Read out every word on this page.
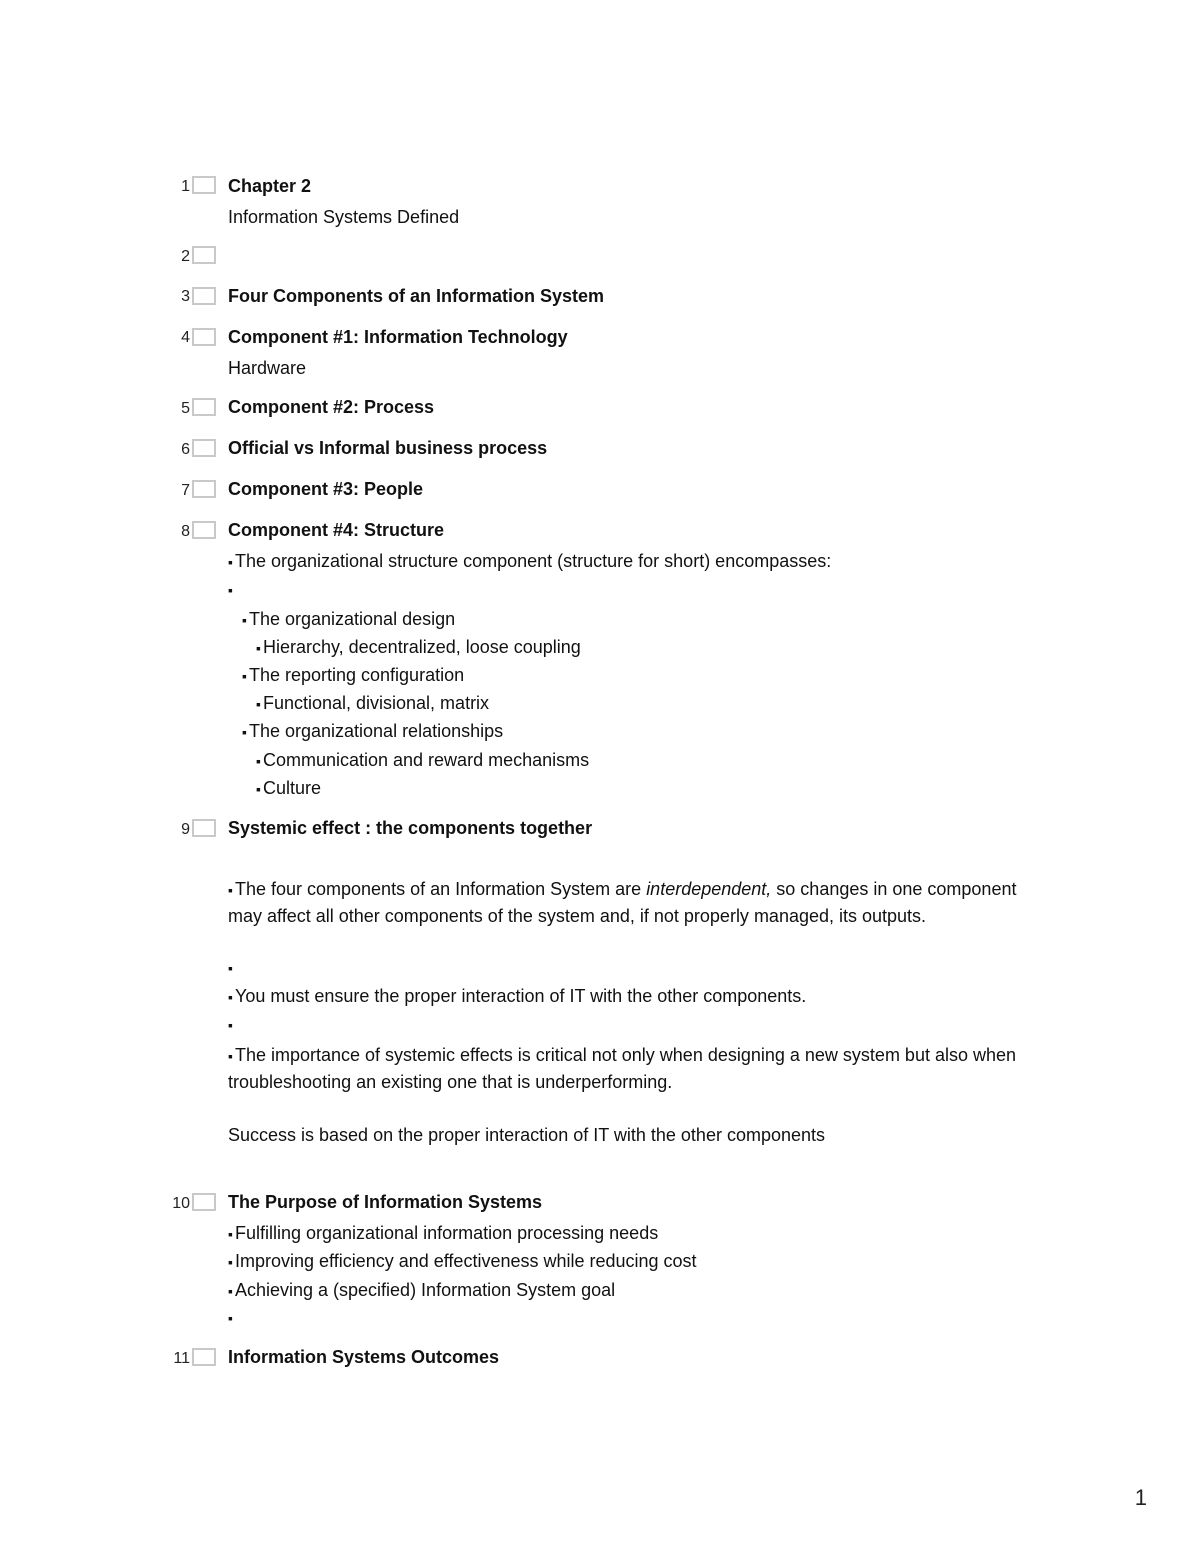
1 Chapter 2
Information Systems Defined
2
3 Four Components of an Information System
4 Component #1: Information Technology
Hardware
5 Component #2: Process
6 Official vs Informal business process
7 Component #3: People
8 Component #4: Structure
▪ The organizational structure component (structure for short) encompasses:
▪
▪ The organizational design
▪ Hierarchy, decentralized, loose coupling
▪ The reporting configuration
▪ Functional, divisional, matrix
▪ The organizational relationships
▪ Communication and reward mechanisms
▪ Culture
9 Systemic effect : the components together
▪ The four components of an Information System are interdependent, so changes in one component may affect all other components of the system and, if not properly managed, its outputs.
▪
▪ You must ensure the proper interaction of IT with the other components.
▪
▪ The importance of systemic effects is critical not only when designing a new system but also when troubleshooting an existing one that is underperforming.
Success is based on the proper interaction of IT with the other components
10 The Purpose of Information Systems
▪ Fulfilling organizational information processing needs
▪ Improving efficiency and effectiveness while reducing cost
▪ Achieving a (specified) Information System goal
▪
11 Information Systems Outcomes
1
